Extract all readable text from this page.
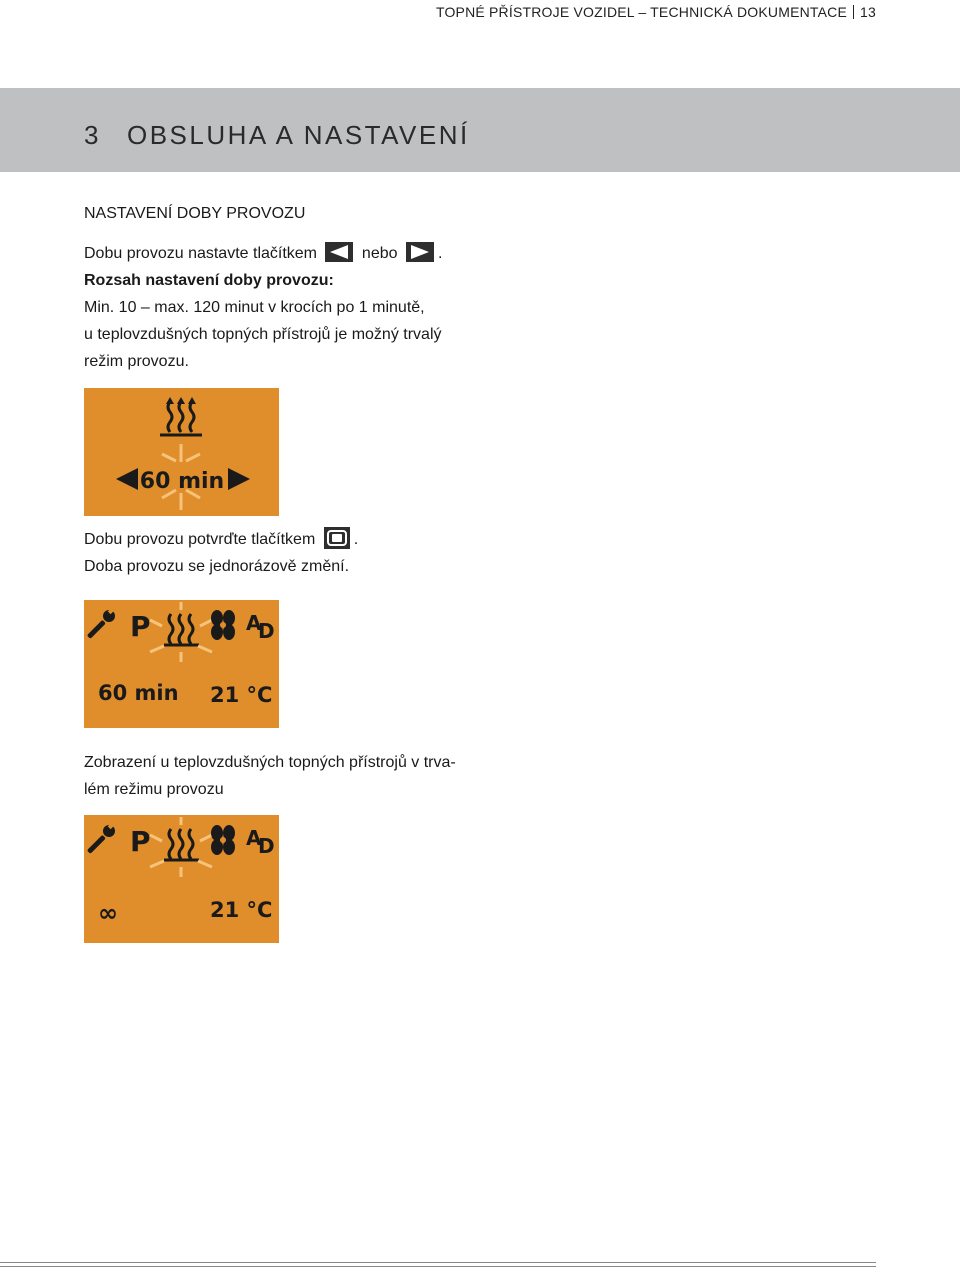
TOPNÉ PŘÍSTROJE VOZIDEL – TECHNICKÁ DOKUMENTACE 13
3 OBSLUHA A NASTAVENÍ
NASTAVENÍ DOBY PROVOZU
Dobu provozu nastavte tlačítkem	nebo	.
Rozsah nastavení doby provozu:
Min. 10 – max. 120 minut v krocích po 1 minutě,
u teplovzdušných topných přístrojů je možný trvalý
režim provozu.
60 min
Dobu provozu potvrďte tlačítkem .
Doba provozu se jednorázově změní.
P	A
D
60 min 21 °C
Zobrazení u teplovzdušných topných přístrojů v trva-
lém režimu provozu
P	A
D
∞	21 °C
